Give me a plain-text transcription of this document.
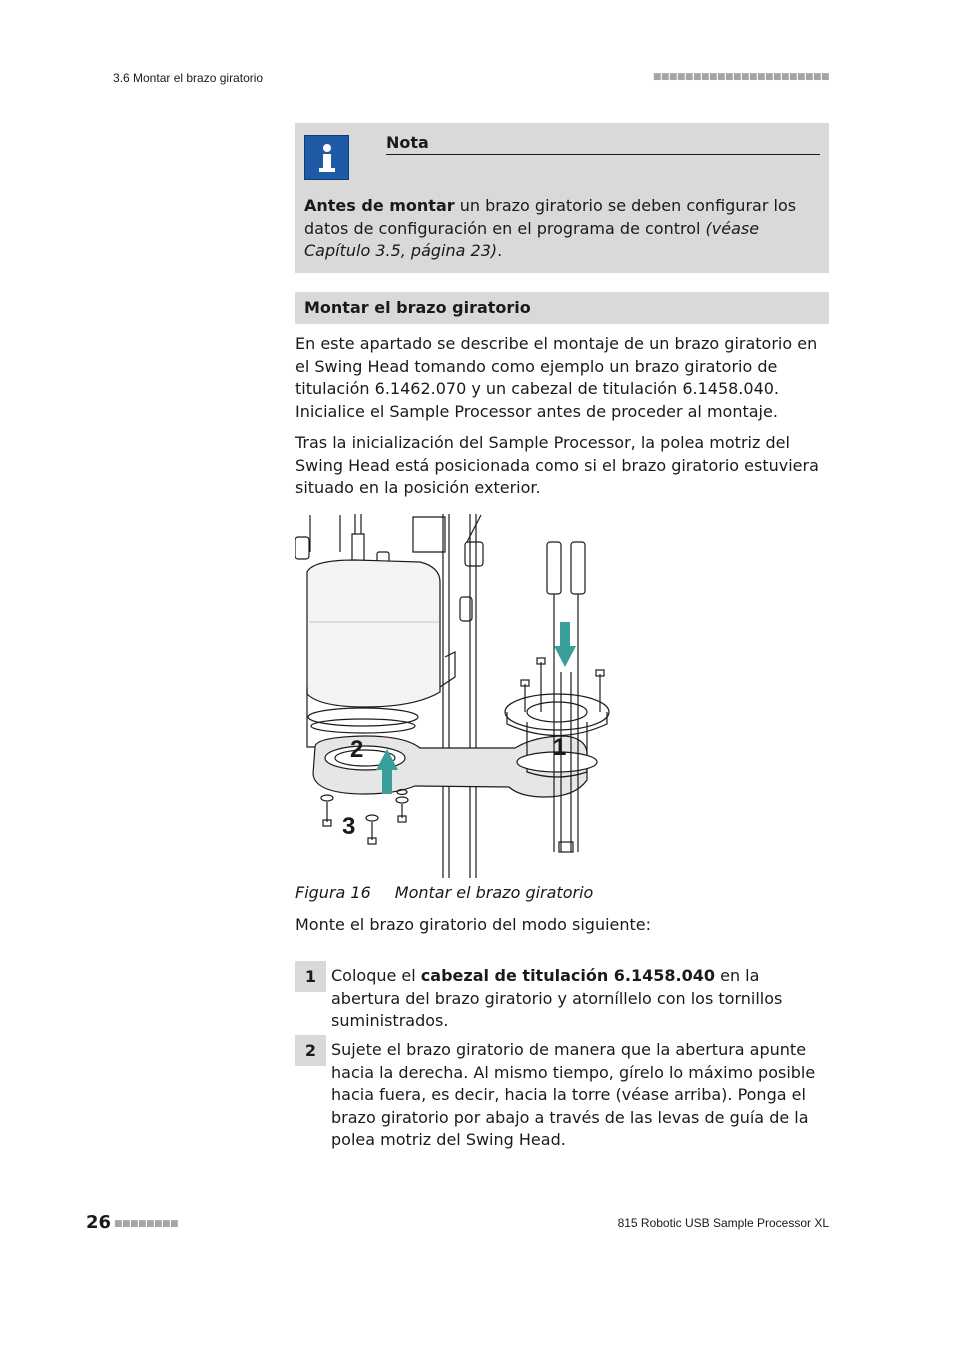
3.6 Montar el brazo giratorio	■■■■■■■■■■■■■■■■■■■■■■
Nota
Antes de montar un brazo giratorio se deben configurar los datos de configuración en el programa de control (véase Capítulo 3.5, página 23).
Montar el brazo giratorio
En este apartado se describe el montaje de un brazo giratorio en el Swing Head tomando como ejemplo un brazo giratorio de titulación 6.1462.070 y un cabezal de titulación 6.1458.040. Inicialice el Sample Processor antes de proceder al montaje.
Tras la inicialización del Sample Processor, la polea motriz del Swing Head está posicionada como si el brazo giratorio estuviera situado en la posición exterior.
1
2
3
Figura 16 Montar el brazo giratorio
Monte el brazo giratorio del modo siguiente:
1 Coloque el cabezal de titulación 6.1458.040 en la abertura del brazo giratorio y atorníllelo con los tornillos suministrados.
2 Sujete el brazo giratorio de manera que la abertura apunte hacia la derecha. Al mismo tiempo, gírelo lo máximo posible hacia fuera, es decir, hacia la torre (véase arriba). Ponga el brazo giratorio por abajo a través de las levas de guía de la polea motriz del Swing Head.
26 ■■■■■■■■	815 Robotic USB Sample Processor XL
